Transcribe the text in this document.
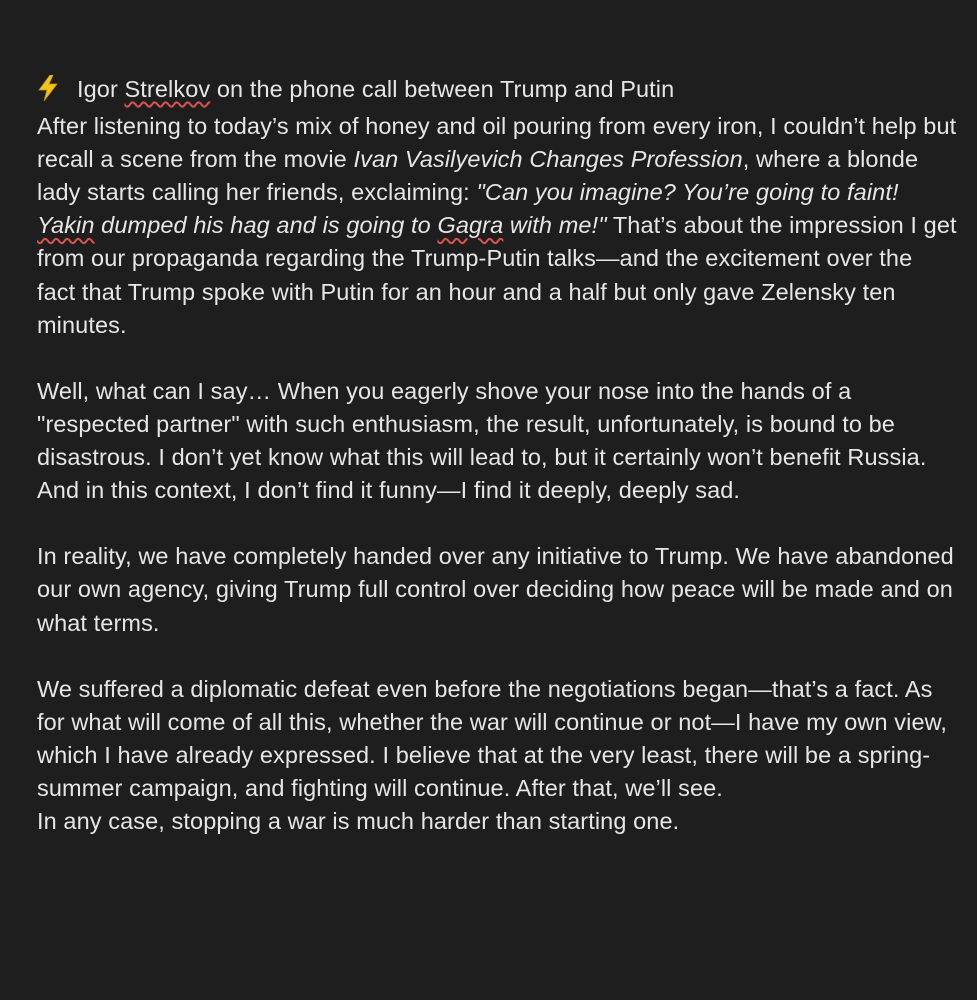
Igor Strelkov on the phone call between Trump and Putin

After listening to today’s mix of honey and oil pouring from every iron, I couldn’t help but recall a scene from the movie Ivan Vasilyevich Changes Profession, where a blonde lady starts calling her friends, exclaiming: "Can you imagine? You’re going to faint! Yakin dumped his hag and is going to Gagra with me!" That’s about the impression I get from our propaganda regarding the Trump-Putin talks—and the excitement over the fact that Trump spoke with Putin for an hour and a half but only gave Zelensky ten minutes.

Well, what can I say… When you eagerly shove your nose into the hands of a "respected partner" with such enthusiasm, the result, unfortunately, is bound to be disastrous. I don’t yet know what this will lead to, but it certainly won’t benefit Russia. And in this context, I don’t find it funny—I find it deeply, deeply sad.

In reality, we have completely handed over any initiative to Trump. We have abandoned our own agency, giving Trump full control over deciding how peace will be made and on what terms.

We suffered a diplomatic defeat even before the negotiations began—that’s a fact. As for what will come of all this, whether the war will continue or not—I have my own view, which I have already expressed. I believe that at the very least, there will be a spring-summer campaign, and fighting will continue. After that, we’ll see.

In any case, stopping a war is much harder than starting one.
